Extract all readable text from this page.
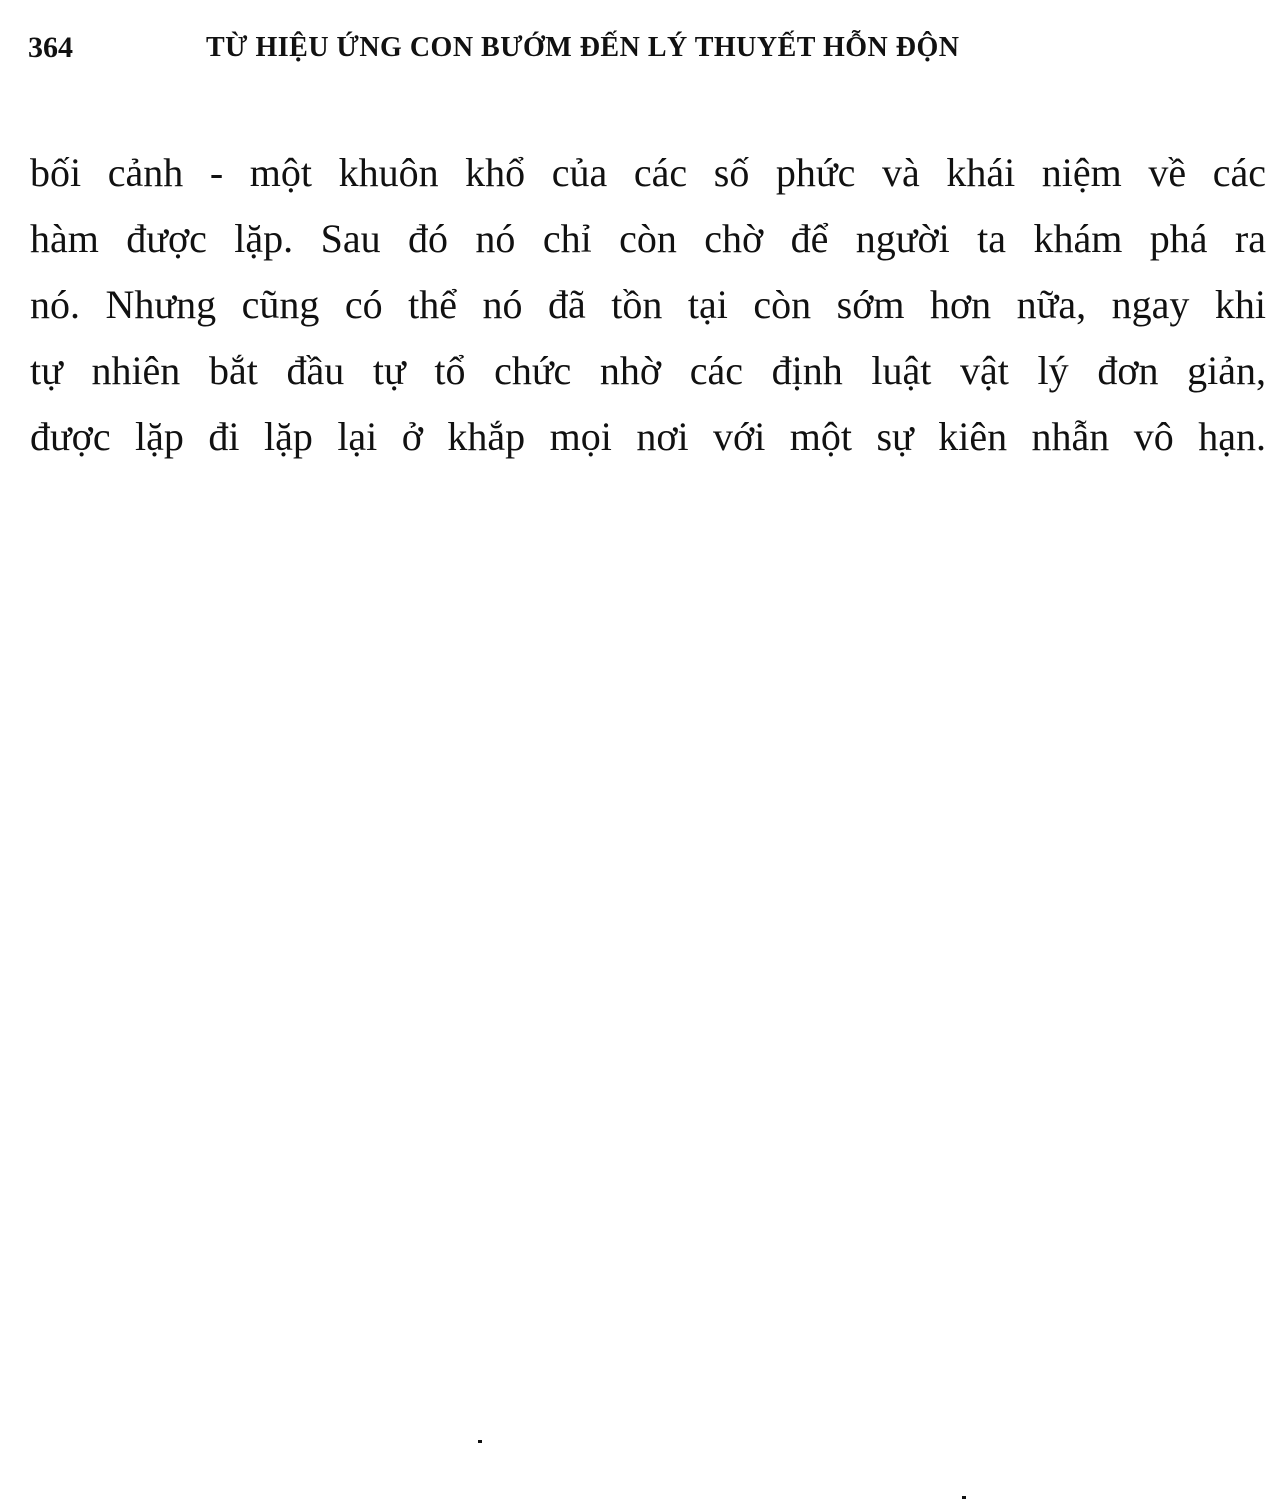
364	TỪ HIỆU ỨNG CON BƯỚM ĐẾN LÝ THUYẾT HỖN ĐỘN
bối cảnh - một khuôn khổ của các số phức và khái niệm về các
hàm được lặp. Sau đó nó chỉ còn chờ để người ta khám phá ra
nó. Nhưng cũng có thể nó đã tồn tại còn sớm hơn nữa, ngay khi
tự nhiên bắt đầu tự tổ chức nhờ các định luật vật lý đơn giản,
được lặp đi lặp lại ở khắp mọi nơi với một sự kiên nhẫn vô hạn.
